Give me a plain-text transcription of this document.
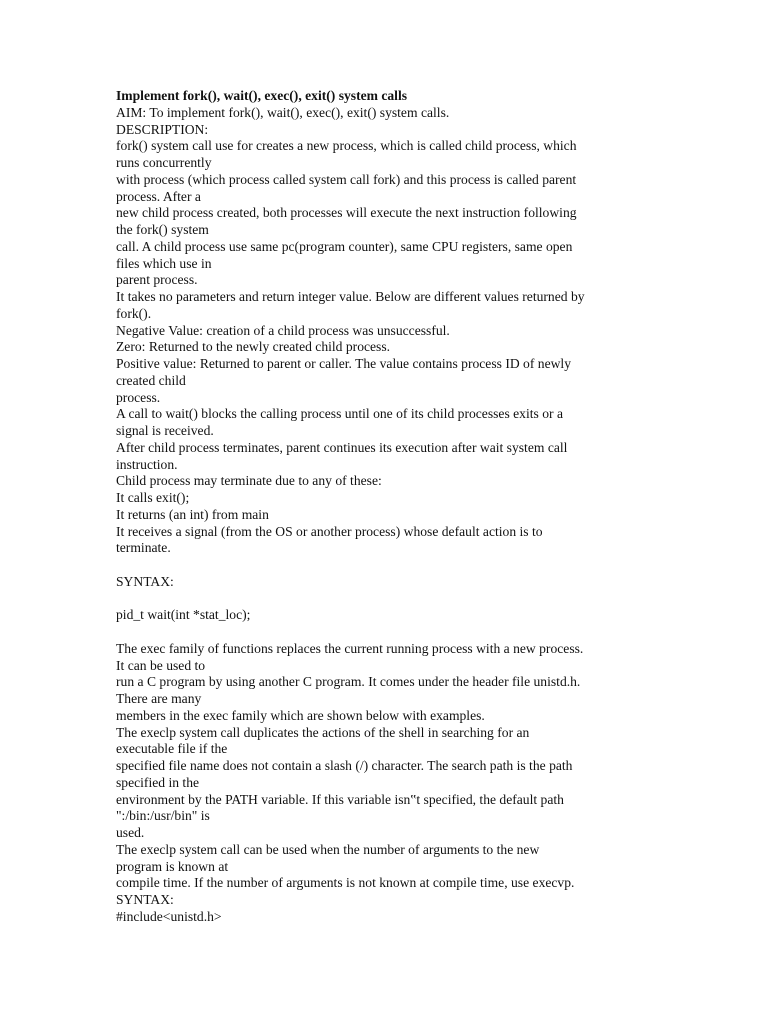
Implement fork(), wait(), exec(), exit() system calls
AIM: To implement fork(), wait(), exec(), exit() system calls.
DESCRIPTION:
fork() system call use for creates a new process, which is called child process, which
runs concurrently
with process (which process called system call fork) and this process is called parent
process. After a
new child process created, both processes will execute the next instruction following
the fork() system
call. A child process use same pc(program counter), same CPU registers, same open
files which use in
parent process.
It takes no parameters and return integer value. Below are different values returned by
fork().
Negative Value: creation of a child process was unsuccessful.
Zero: Returned to the newly created child process.
Positive value: Returned to parent or caller. The value contains process ID of newly
created child
process.
A call to wait() blocks the calling process until one of its child processes exits or a
signal is received.
After child process terminates, parent continues its execution after wait system call
instruction.
Child process may terminate due to any of these:
It calls exit();
It returns (an int) from main
It receives a signal (from the OS or another process) whose default action is to
terminate.
SYNTAX:
pid_t wait(int *stat_loc);
The exec family of functions replaces the current running process with a new process.
It can be used to
run a C program by using another C program. It comes under the header file unistd.h.
There are many
members in the exec family which are shown below with examples.
The execlp system call duplicates the actions of the shell in searching for an
executable file if the
specified file name does not contain a slash (/) character. The search path is the path
specified in the
environment by the PATH variable. If this variable isn‟t specified, the default path
":/bin:/usr/bin" is
used.
The execlp system call can be used when the number of arguments to the new
program is known at
compile time. If the number of arguments is not known at compile time, use execvp.
SYNTAX:
#include<unistd.h>
